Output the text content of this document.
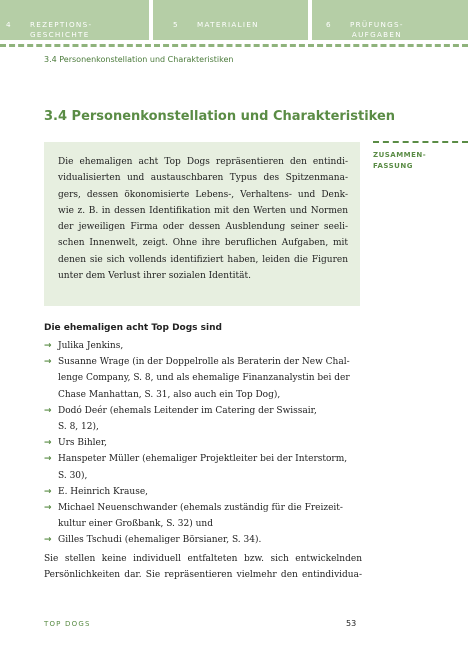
4	REZEPTIONS-
GESCHICHTE
5	MATERIALIEN	6	PRÜFUNGS-
AUFGABEN
3.4 Personenkonstellation und Charakteristiken
3.4 Personenkonstellation und Charakteristiken
ZUSAMMEN-
FASSUNG
Die ehemaligen acht Top Dogs repräsentieren den entindi-
vidualisierten und austauschbaren Typus des Spitzenmana-
gers, dessen ökonomisierte Lebens-, Verhaltens- und Denk-
wie z. B. in dessen Identifikation mit den Werten und Normen
der jeweiligen Firma oder dessen Ausblendung seiner seeli-
schen Innenwelt, zeigt. Ohne ihre beruflichen Aufgaben, mit
denen sie sich vollends identifiziert haben, leiden die Figuren
unter dem Verlust ihrer sozialen Identität.
Die ehemaligen acht Top Dogs sind
→ Julika Jenkins,
→ Susanne Wrage (in der Doppelrolle als Beraterin der New Chal-
lenge Company, S. 8, und als ehemalige Finanzanalystin bei der
Chase Manhattan, S. 31, also auch ein Top Dog),
→ Dodó Deér (ehemals Leitender im Catering der Swissair,
S. 8, 12),
→ Urs Bihler,
→ Hanspeter Müller (ehemaliger Projektleiter bei der Interstorm,
S. 30),
→ E. Heinrich Krause,
→ Michael Neuenschwander (ehemals zuständig für die Freizeit-
kultur einer Großbank, S. 32) und
→ Gilles Tschudi (ehemaliger Börsianer, S. 34).
Sie stellen keine individuell entfalteten bzw. sich entwickelnden
Persönlichkeiten dar. Sie repräsentieren vielmehr den entindividua-
TOP DOGS	53
